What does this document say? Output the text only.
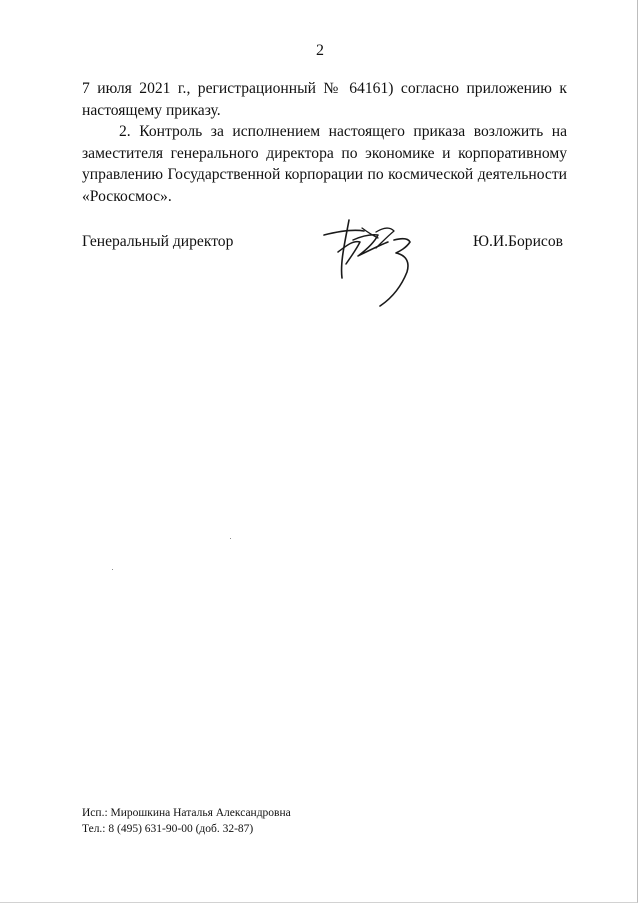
2

7 июля 2021 г., регистрационный № 64161) согласно приложению к настоящему приказу.

2. Контроль за исполнением настоящего приказа возложить на заместителя генерального директора по экономике и корпоративному управлению Государственной корпорации по космической деятельности «Роскосмос».

Генеральный директор	Ю.И.Борисов
Исп.: Мирошкина Наталья Александровна
Тел.: 8 (495) 631-90-00 (доб. 32-87)
